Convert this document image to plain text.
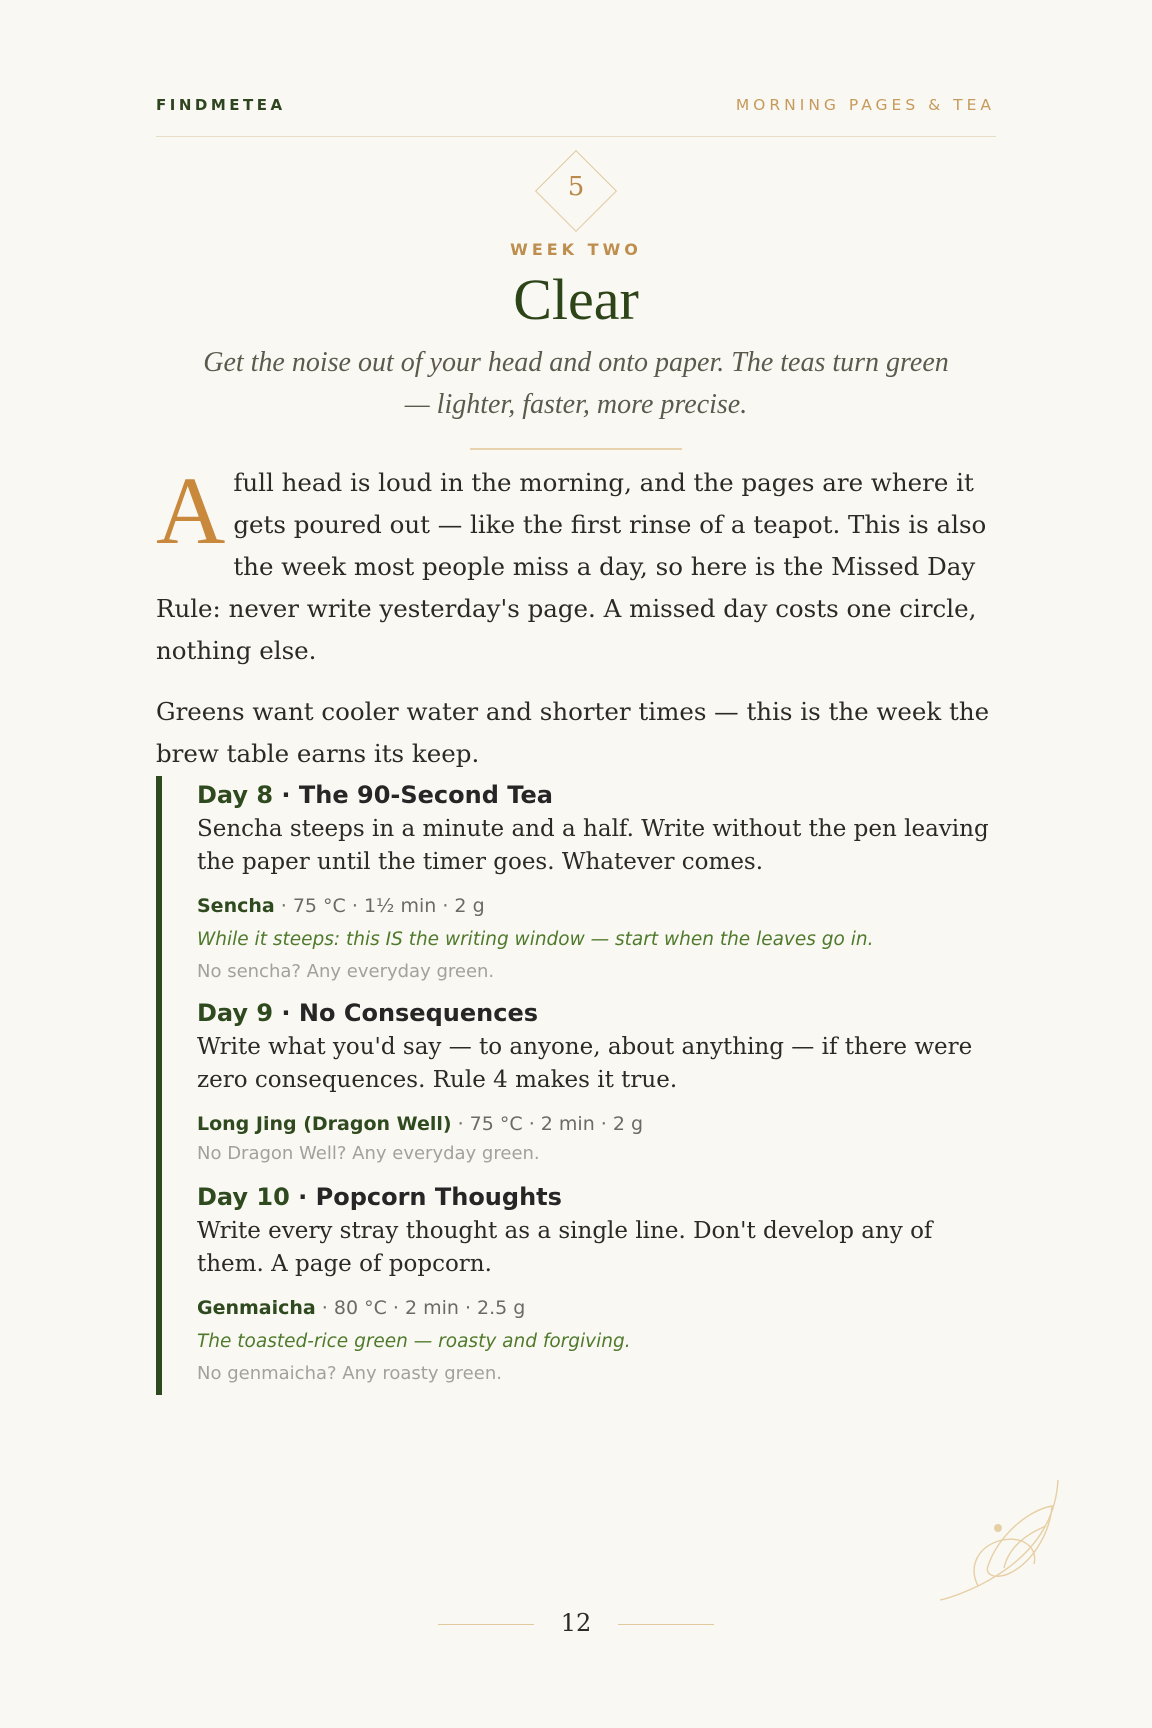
FINDMETEA	MORNING PAGES & TEA
5
WEEK TWO
Clear
Get the noise out of your head and onto paper. The teas turn green
— lighter, faster, more precise.
A full head is loud in the morning, and the pages are where it gets poured out — like the first rinse of a teapot. This is also the week most people miss a day, so here is the Missed Day Rule: never write yesterday's page. A missed day costs one circle, nothing else.

Greens want cooler water and shorter times — this is the week the brew table earns its keep.

Day 8 · The 90-Second Tea
Sencha steeps in a minute and a half. Write without the pen leaving the paper until the timer goes. Whatever comes.
Sencha · 75 °C · 1½ min · 2 g
While it steeps: this IS the writing window — start when the leaves go in.
No sencha? Any everyday green.
Day 9 · No Consequences
Write what you'd say — to anyone, about anything — if there were zero consequences. Rule 4 makes it true.
Long Jing (Dragon Well) · 75 °C · 2 min · 2 g
No Dragon Well? Any everyday green.
Day 10 · Popcorn Thoughts
Write every stray thought as a single line. Don't develop any of them. A page of popcorn.
Genmaicha · 80 °C · 2 min · 2.5 g
The toasted-rice green — roasty and forgiving.
No genmaicha? Any roasty green.
12
